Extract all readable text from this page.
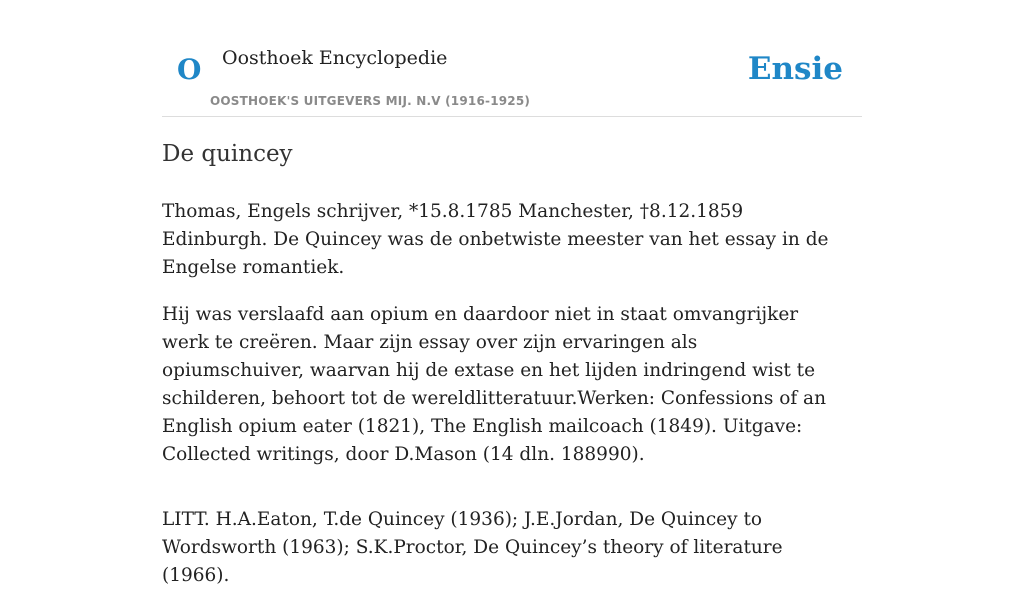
O Oosthoek Encyclopedie
OOSTHOEK'S UITGEVERS MIJ. N.V (1916-1925)
Ensie
De quincey

Thomas, Engels schrijver, *15.8.1785 Manchester, †8.12.1859 Edinburgh. De Quincey was de onbetwiste meester van het essay in de Engelse romantiek.

Hij was verslaafd aan opium en daardoor niet in staat omvangrijker werk te creëren. Maar zijn essay over zijn ervaringen als opiumschuiver, waarvan hij de extase en het lijden indringend wist te schilderen, behoort tot de wereldlitteratuur.Werken: Confessions of an English opium eater (1821), The English mailcoach (1849). Uitgave: Collected writings, door D.Mason (14 dln. 188990).

LITT. H.A.Eaton, T.de Quincey (1936); J.E.Jordan, De Quincey to Wordsworth (1963); S.K.Proctor, De Quincey’s theory of literature (1966).
